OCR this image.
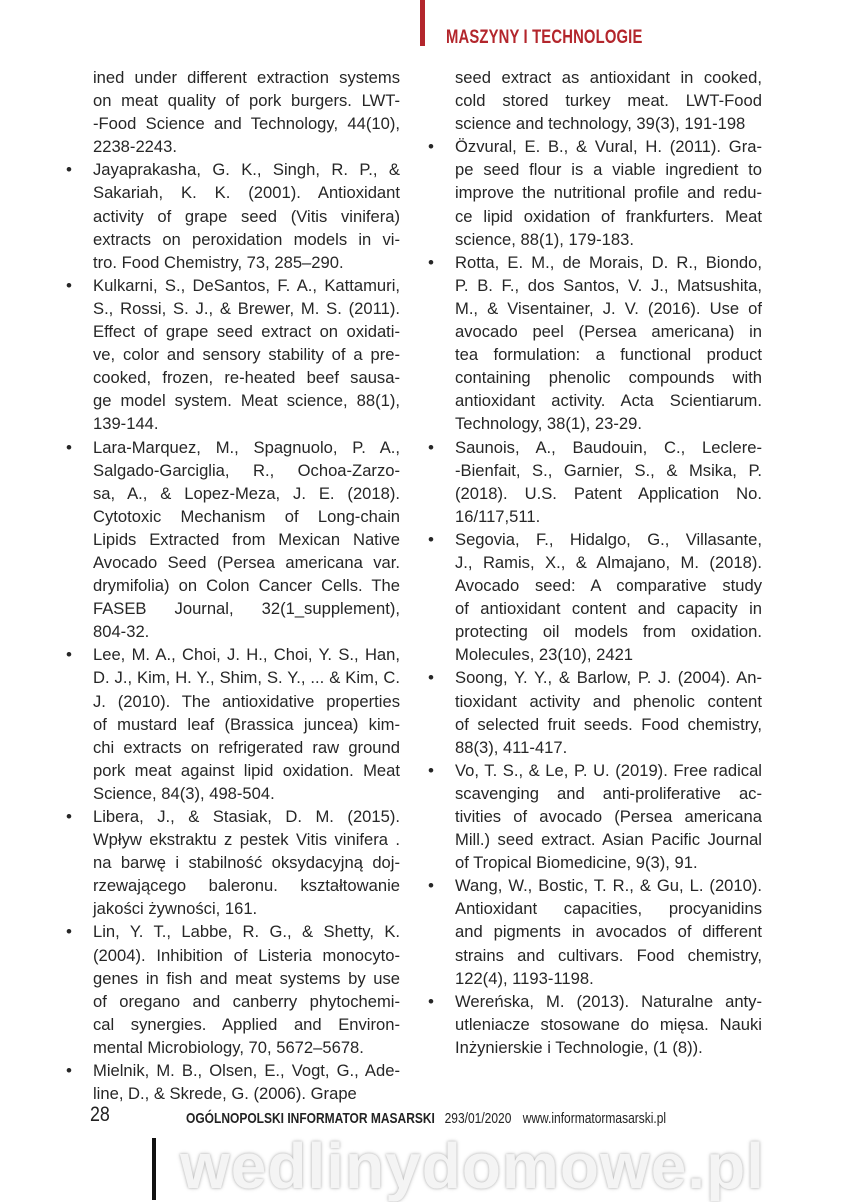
MASZYNY I TECHNOLOGIE
ined under different extraction systems
on meat quality of pork burgers. LWT-
-Food Science and Technology, 44(10),
2238-2243.
• Jayaprakasha, G. K., Singh, R. P., &
Sakariah, K. K. (2001). Antioxidant
activity of grape seed (Vitis vinifera)
extracts on peroxidation models in vi-
tro. Food Chemistry, 73, 285–290.
• Kulkarni, S., DeSantos, F. A., Kattamuri,
S., Rossi, S. J., & Brewer, M. S. (2011).
Effect of grape seed extract on oxidati-
ve, color and sensory stability of a pre-
cooked, frozen, re-heated beef sausa-
ge model system. Meat science, 88(1),
139-144.
• Lara-Marquez, M., Spagnuolo, P. A.,
Salgado-Garciglia, R., Ochoa-Zarzo-
sa, A., & Lopez-Meza, J. E. (2018).
Cytotoxic Mechanism of Long-chain
Lipids Extracted from Mexican Native
Avocado Seed (Persea americana var.
drymifolia) on Colon Cancer Cells. The
FASEB Journal, 32(1_supplement),
804-32.
• Lee, M. A., Choi, J. H., Choi, Y. S., Han,
D. J., Kim, H. Y., Shim, S. Y., ... & Kim, C.
J. (2010). The antioxidative properties
of mustard leaf (Brassica juncea) kim-
chi extracts on refrigerated raw ground
pork meat against lipid oxidation. Meat
Science, 84(3), 498-504.
• Libera, J., & Stasiak, D. M. (2015).
Wpływ ekstraktu z pestek Vitis vinifera .
na barwę i stabilność oksydacyjną doj-
rzewającego baleronu. kształtowanie
jakości żywności, 161.
• Lin, Y. T., Labbe, R. G., & Shetty, K.
(2004). Inhibition of Listeria monocyto-
genes in fish and meat systems by use
of oregano and canberry phytochemi-
cal synergies. Applied and Environ-
mental Microbiology, 70, 5672–5678.
• Mielnik, M. B., Olsen, E., Vogt, G., Ade-
line, D., & Skrede, G. (2006). Grape
seed extract as antioxidant in cooked,
cold stored turkey meat. LWT-Food
science and technology, 39(3), 191-198
• Özvural, E. B., & Vural, H. (2011). Gra-
pe seed flour is a viable ingredient to
improve the nutritional profile and redu-
ce lipid oxidation of frankfurters. Meat
science, 88(1), 179-183.
• Rotta, E. M., de Morais, D. R., Biondo,
P. B. F., dos Santos, V. J., Matsushita,
M., & Visentainer, J. V. (2016). Use of
avocado peel (Persea americana) in
tea formulation: a functional product
containing phenolic compounds with
antioxidant activity. Acta Scientiarum.
Technology, 38(1), 23-29.
• Saunois, A., Baudouin, C., Leclere-
-Bienfait, S., Garnier, S., & Msika, P.
(2018). U.S. Patent Application No.
16/117,511.
• Segovia, F., Hidalgo, G., Villasante,
J., Ramis, X., & Almajano, M. (2018).
Avocado seed: A comparative study
of antioxidant content and capacity in
protecting oil models from oxidation.
Molecules, 23(10), 2421
• Soong, Y. Y., & Barlow, P. J. (2004). An-
tioxidant activity and phenolic content
of selected fruit seeds. Food chemistry,
88(3), 411-417.
• Vo, T. S., & Le, P. U. (2019). Free radical
scavenging and anti-proliferative ac-
tivities of avocado (Persea americana
Mill.) seed extract. Asian Pacific Journal
of Tropical Biomedicine, 9(3), 91.
• Wang, W., Bostic, T. R., & Gu, L. (2010).
Antioxidant capacities, procyanidins
and pigments in avocados of different
strains and cultivars. Food chemistry,
122(4), 1193-1198.
• Wereńska, M. (2013). Naturalne anty-
utleniacze stosowane do mięsa. Nauki
Inżynierskie i Technologie, (1 (8)).
28	OGÓLNOPOLSKI INFORMATOR MASARSKI 293/01/2020 www.informatormasarski.pl
wedlinydomowe.pl
